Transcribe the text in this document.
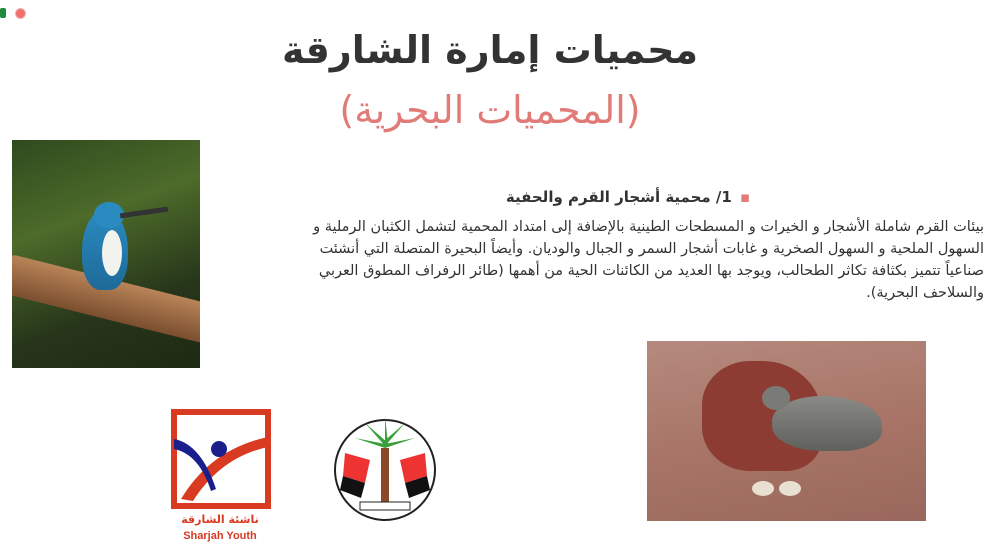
محميات إمارة الشارقة
(المحميات البحرية)
▪1/ محمية أشجار القرم والحفية
بيئات القرم شاملة الأشجار و الخيرات و المسطحات الطينية بالإضافة إلى امتداد المحمية لتشمل الكثبان الرملية و
السهول الملحية و السهول الصخرية و غابات أشجار السمر و الجبال والوديان. وأيضاً البحيرة المتصلة التي أنشئت
صناعياً تتميز بكثافة تكاثر الطحالب، ويوجد بها العديد من الكائنات الحية من أهمها (طائر الرفراف المطوق العربي
والسلاحف البحرية).
ناشئة الشارقة
Sharjah Youth
